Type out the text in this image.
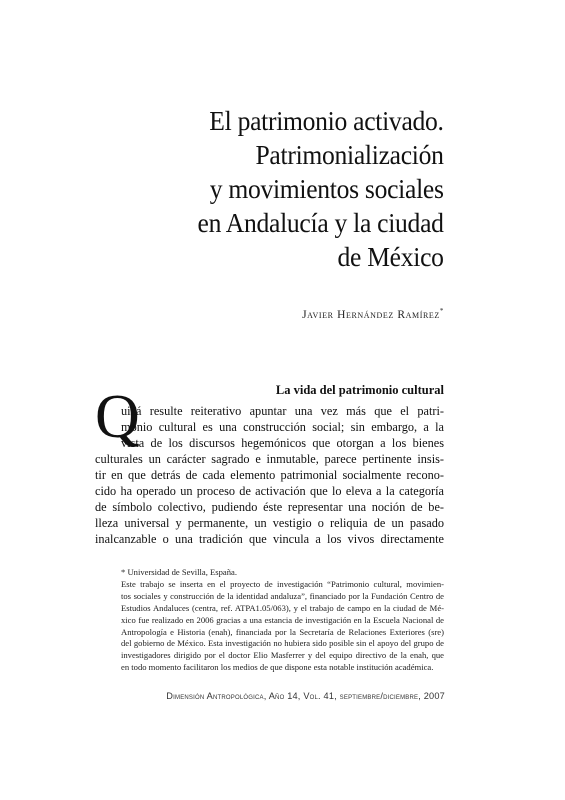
El patrimonio activado.
Patrimonialización
y movimientos sociales
en Andalucía y la ciudad
de México
Javier Hernández Ramírez*
La vida del patrimonio cultural
Q
uizá resulte reiterativo apuntar una vez más que el patri-
monio cultural es una construcción social; sin embargo, a la
vista de los discursos hegemónicos que otorgan a los bienes
culturales un carácter sagrado e inmutable, parece pertinente insis-
tir en que detrás de cada elemento patrimonial socialmente recono-
cido ha operado un proceso de activación que lo eleva a la categoría
de símbolo colectivo, pudiendo éste representar una noción de be-
lleza universal y permanente, un vestigio o reliquia de un pasado
inalcanzable o una tradición que vincula a los vivos directamente
* Universidad de Sevilla, España.
Este trabajo se inserta en el proyecto de investigación “Patrimonio cultural, movimien-
tos sociales y construcción de la identidad andaluza”, financiado por la Fundación Centro de
Estudios Andaluces (centra, ref. ATPA1.05/063), y el trabajo de campo en la ciudad de Mé-
xico fue realizado en 2006 gracias a una estancia de investigación en la Escuela Nacional de
Antropología e Historia (enah), financiada por la Secretaría de Relaciones Exteriores (sre)
del gobierno de México. Esta investigación no hubiera sido posible sin el apoyo del grupo de
investigadores dirigido por el doctor Elio Masferrer y del equipo directivo de la enah, que
en todo momento facilitaron los medios de que dispone esta notable institución académica.
Dimensión Antropológica, Año 14, Vol. 41, septiembre/diciembre, 2007
